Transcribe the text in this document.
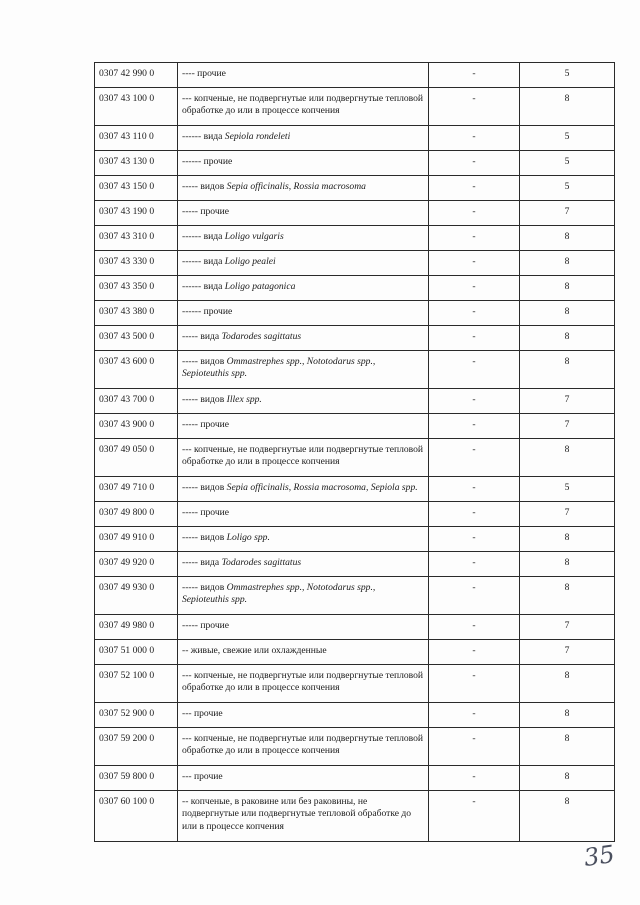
0307 42 990 0	---- прочие	-	5
0307 43 100 0	--- копченые, не подвергнутые или подвергнутые тепловой обработке до или в процессе копчения	-	8
0307 43 110 0	------ вида Sepiola rondeleti	-	5
0307 43 130 0	------ прочие	-	5
0307 43 150 0	----- видов Sepia officinalis, Rossia macrosoma	-	5
0307 43 190 0	----- прочие	-	7
0307 43 310 0	------ вида Loligo vulgaris	-	8
0307 43 330 0	------ вида Loligo pealei	-	8
0307 43 350 0	------ вида Loligo patagonica	-	8
0307 43 380 0	------ прочие	-	8
0307 43 500 0	----- вида Todarodes sagittatus	-	8
0307 43 600 0	----- видов Ommastrephes spp., Nototodarus spp., Sepioteuthis spp.	-	8
0307 43 700 0	----- видов Illex spp.	-	7
0307 43 900 0	----- прочие	-	7
0307 49 050 0	--- копченые, не подвергнутые или подвергнутые тепловой обработке до или в процессе копчения	-	8
0307 49 710 0	----- видов Sepia officinalis, Rossia macrosoma, Sepiola spp.	-	5
0307 49 800 0	----- прочие	-	7
0307 49 910 0	----- видов Loligo spp.	-	8
0307 49 920 0	----- вида Todarodes sagittatus	-	8
0307 49 930 0	----- видов Ommastrephes spp., Nototodarus spp., Sepioteuthis spp.	-	8
0307 49 980 0	----- прочие	-	7
0307 51 000 0	-- живые, свежие или охлажденные	-	7
0307 52 100 0	--- копченые, не подвергнутые или подвергнутые тепловой обработке до или в процессе копчения	-	8
0307 52 900 0	--- прочие	-	8
0307 59 200 0	--- копченые, не подвергнутые или подвергнутые тепловой обработке до или в процессе копчения	-	8
0307 59 800 0	--- прочие	-	8
0307 60 100 0	-- копченые, в раковине или без раковины, не подвергнутые или подвергнутые тепловой обработке до или в процессе копчения	-	8
35
